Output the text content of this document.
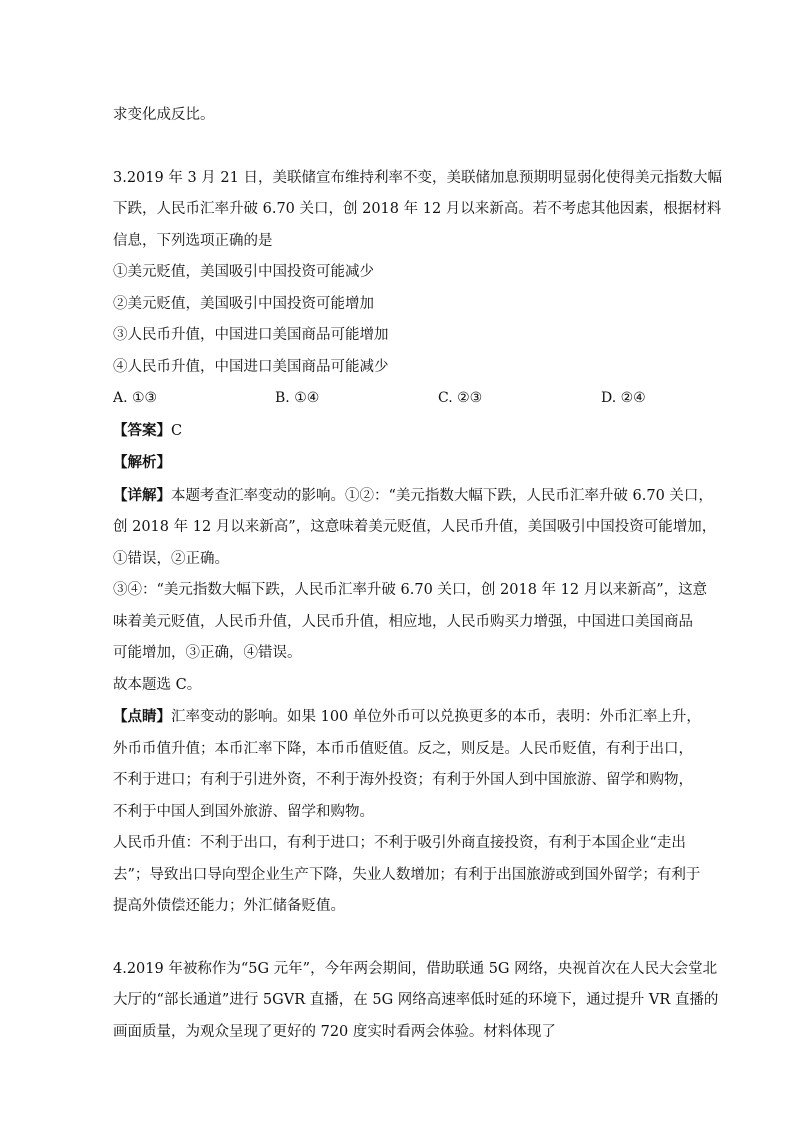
求变化成反比。

3.2019 年 3 月 21 日，美联储宣布维持利率不变，美联储加息预期明显弱化使得美元指数大幅

下跌，人民币汇率升破 6.70 关口，创 2018 年 12 月以来新高。若不考虑其他因素，根据材料

信息，下列选项正确的是

①美元贬值，美国吸引中国投资可能减少

②美元贬值，美国吸引中国投资可能增加

③人民币升值，中国进口美国商品可能增加

④人民币升值，中国进口美国商品可能减少

A. ①③	B. ①④	C. ②③	D. ②④

【答案】C

【解析】

【详解】本题考查汇率变动的影响。①②：“美元指数大幅下跌，人民币汇率升破 6.70 关口，

创 2018 年 12 月以来新高”，这意味着美元贬值，人民币升值，美国吸引中国投资可能增加，

①错误，②正确。

③④：“美元指数大幅下跌，人民币汇率升破 6.70 关口，创 2018 年 12 月以来新高”，这意

味着美元贬值，人民币升值，人民币升值，相应地，人民币购买力增强，中国进口美国商品

可能增加，③正确，④错误。

故本题选 C。

【点睛】汇率变动的影响。如果 100 单位外币可以兑换更多的本币，表明：外币汇率上升，

外币币值升值；本币汇率下降，本币币值贬值。反之，则反是。人民币贬值，有利于出口，

不利于进口；有利于引进外资，不利于海外投资；有利于外国人到中国旅游、留学和购物，

不利于中国人到国外旅游、留学和购物。

人民币升值：不利于出口，有利于进口；不利于吸引外商直接投资，有利于本国企业“走出

去”；导致出口导向型企业生产下降，失业人数增加；有利于出国旅游或到国外留学；有利于

提高外债偿还能力；外汇储备贬值。

4.2019 年被称作为“5G 元年”，今年两会期间，借助联通 5G 网络，央视首次在人民大会堂北

大厅的“部长通道”进行 5GVR 直播，在 5G 网络高速率低时延的环境下，通过提升 VR 直播的

画面质量，为观众呈现了更好的 720 度实时看两会体验。材料体现了
